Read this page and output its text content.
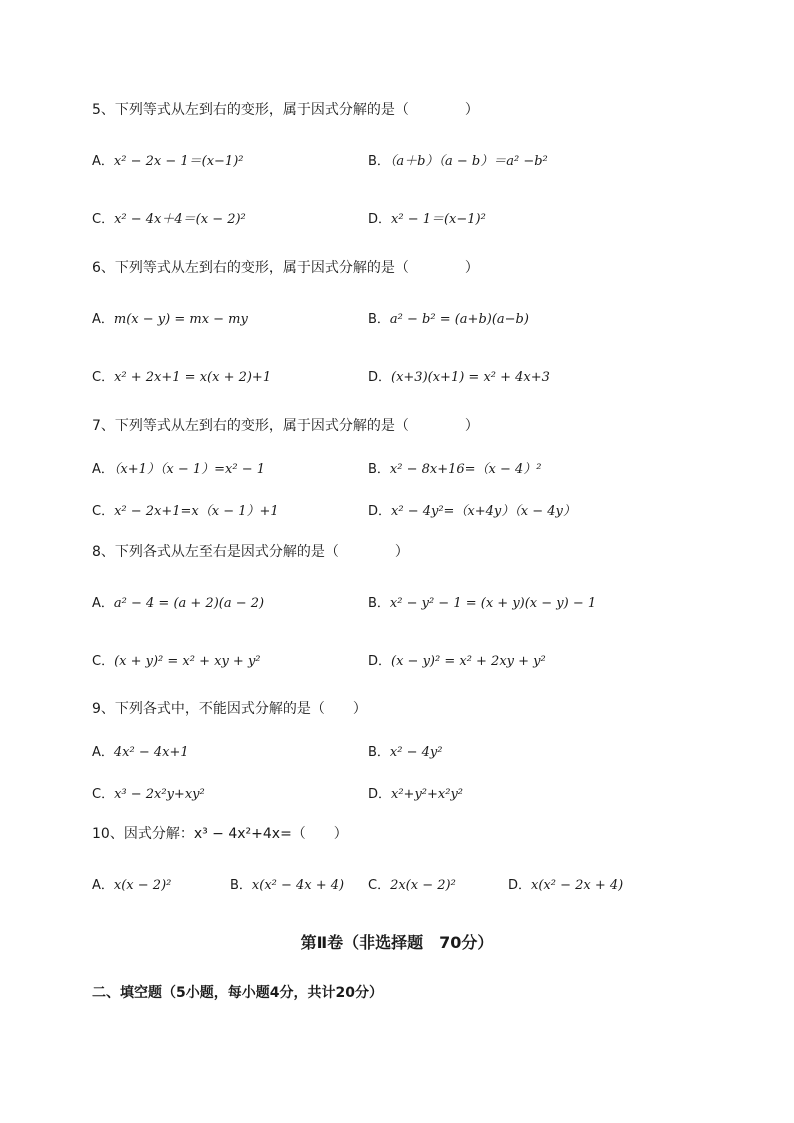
5、下列等式从左到右的变形，属于因式分解的是（　　　　）
A．x² − 2x − 1＝(x−1)²	B．（a＋b）（a − b）＝a² −b²
C．x² − 4x＋4＝(x − 2)²	D．x² − 1＝(x−1)²
6、下列等式从左到右的变形，属于因式分解的是（　　　　）
A．m(x − y) = mx − my	B．a² − b² = (a+b)(a−b)
C．x² + 2x+1 = x(x + 2)+1	D．(x+3)(x+1) = x² + 4x+3
7、下列等式从左到右的变形，属于因式分解的是（　　　　）
A．（x+1）（x − 1）=x² − 1	B．x² − 8x+16=（x − 4）²
C．x² − 2x+1=x（x − 1）+1	D．x² − 4y²=（x+4y）（x − 4y）
8、下列各式从左至右是因式分解的是（　　　　）
A．a² − 4 = (a + 2)(a − 2)	B．x² − y² − 1 = (x + y)(x − y) − 1
C．(x + y)² = x² + xy + y²	D．(x − y)² = x² + 2xy + y²
9、下列各式中，不能因式分解的是（　　）
A．4x² − 4x+1	B．x² − 4y²
C．x³ − 2x²y+xy²	D．x²+y²+x²y²
10、因式分解：x³ − 4x²+4x=（　　）
A．x(x − 2)²	B．x(x² − 4x + 4) C．2x(x − 2)²	D．x(x² − 2x + 4)
第Ⅱ卷（非选择题　70分）
二、填空题（5小题，每小题4分，共计20分）
